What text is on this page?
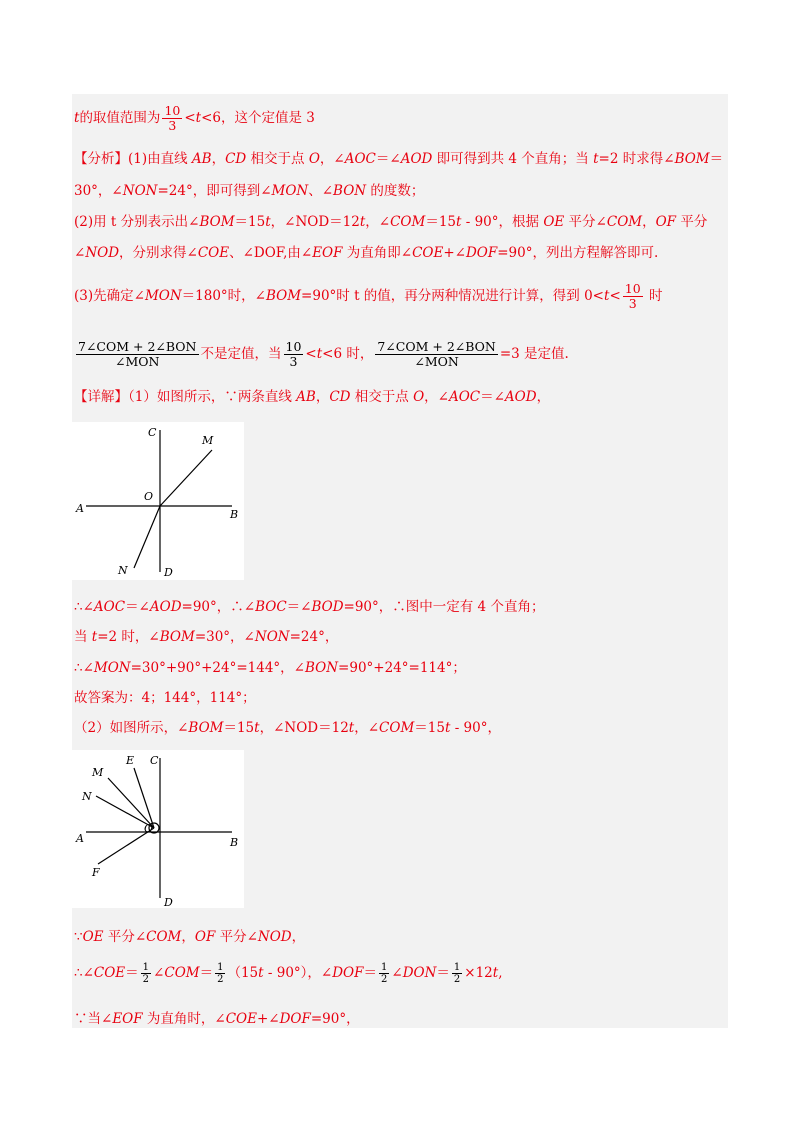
t的取值范围为 $\frac{10}{3} <t<6$，这个定值是 3
【分析】(1)由直线 AB，CD 相交于点 O，∠AOC＝∠AOD 即可得到共 4 个直角；当 t=2 时求得∠BOM＝
30°，∠NON=24°，即可得到∠MON、∠BON 的度数；
(2)用 t 分别表示出∠BOM＝15t，∠NOD＝12t，∠COM＝15t - 90°，根据 OE 平分∠COM，OF 平分
∠NOD，分别求得∠COE、∠DOF,由∠EOF 为直角即∠COE+∠DOF=90°，列出方程解答即可.
(3)先确定∠MON＝180°时，∠BOM=90°时 t 的值，再分两种情况进行计算，得到 $0<t< \frac{10}{3}$ 时
$\frac{\text{7∠COM + 2∠BON}}{\text{∠MON}}$ 不是定值，当 $\frac{10}{3} <t<6$ 时， $\frac{\text{7∠COM + 2∠BON}}{\text{∠MON}} =3$ 是定值.
【详解】（1）如图所示，∵两条直线 AB，CD 相交于点 O，∠AOC＝∠AOD，
C
M
O
A	B
N	D
∴∠AOC＝∠AOD=90°，∴∠BOC＝∠BOD=90°，∴图中一定有 4 个直角；
当 t=2 时，∠BOM=30°，∠NON=24°，
∴∠MON=30°+90°+24°=144°，∠BON=90°+24°=114°；
故答案为：4；144°，114°；
（2）如图所示，∠BOM＝15t，∠NOD＝12t，∠COM＝15t - 90°，
M
E C
N
O
A	B
F
D
∵OE 平分∠COM，OF 平分∠NOD，
∴∠COE＝ $\frac{1}{2}$ ∠COM＝ $\frac{1}{2} (15t - 90^\circ)$，∠DOF＝ $\frac{1}{2}$ ∠DON＝ $\frac{1}{2} \times 12t$,
∵当∠EOF 为直角时，∠COE+∠DOF=90°，
